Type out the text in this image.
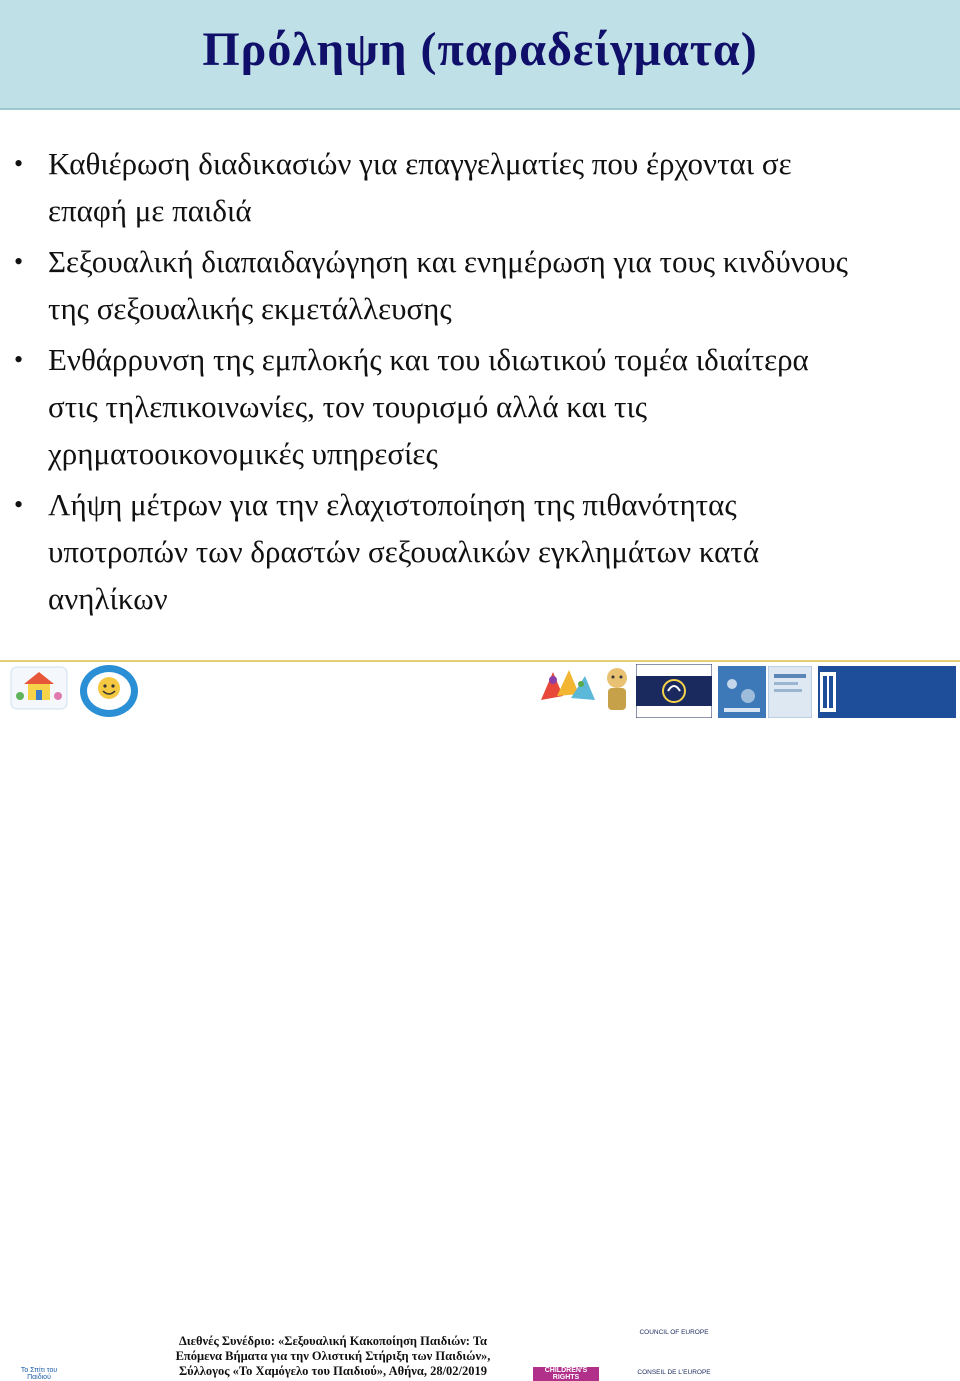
Πρόληψη (παραδείγματα)
• Καθιέρωση διαδικασιών για επαγγελματίες που έρχονται σε
επαφή με παιδιά
• Σεξουαλική διαπαιδαγώγηση και ενημέρωση για τους κινδύνους
της σεξουαλικής εκμετάλλευσης
• Ενθάρρυνση της εμπλοκής και του ιδιωτικού τομέα ιδιαίτερα
στις τηλεπικοινωνίες, τον τουρισμό αλλά και τις
χρηματοοικονομικές υπηρεσίες
• Λήψη μέτρων για την ελαχιστοποίηση της πιθανότητας
υποτροπών των δραστών σεξουαλικών εγκλημάτων κατά
ανηλίκων
Το Σπίτι του Παιδιού
CHILDREN'S RIGHTS
COUNCIL OF EUROPE
CONSEIL DE L'EUROPE
Ινστιτούτο Υγείας του Παιδιού
Διεθνές Συνέδριο: «Σεξουαλική Κακοποίηση Παιδιών: Τα
Επόμενα Βήματα για την Ολιστική Στήριξη των Παιδιών»,
Σύλλογος «Το Χαμόγελο του Παιδιού», Αθήνα, 28/02/2019
